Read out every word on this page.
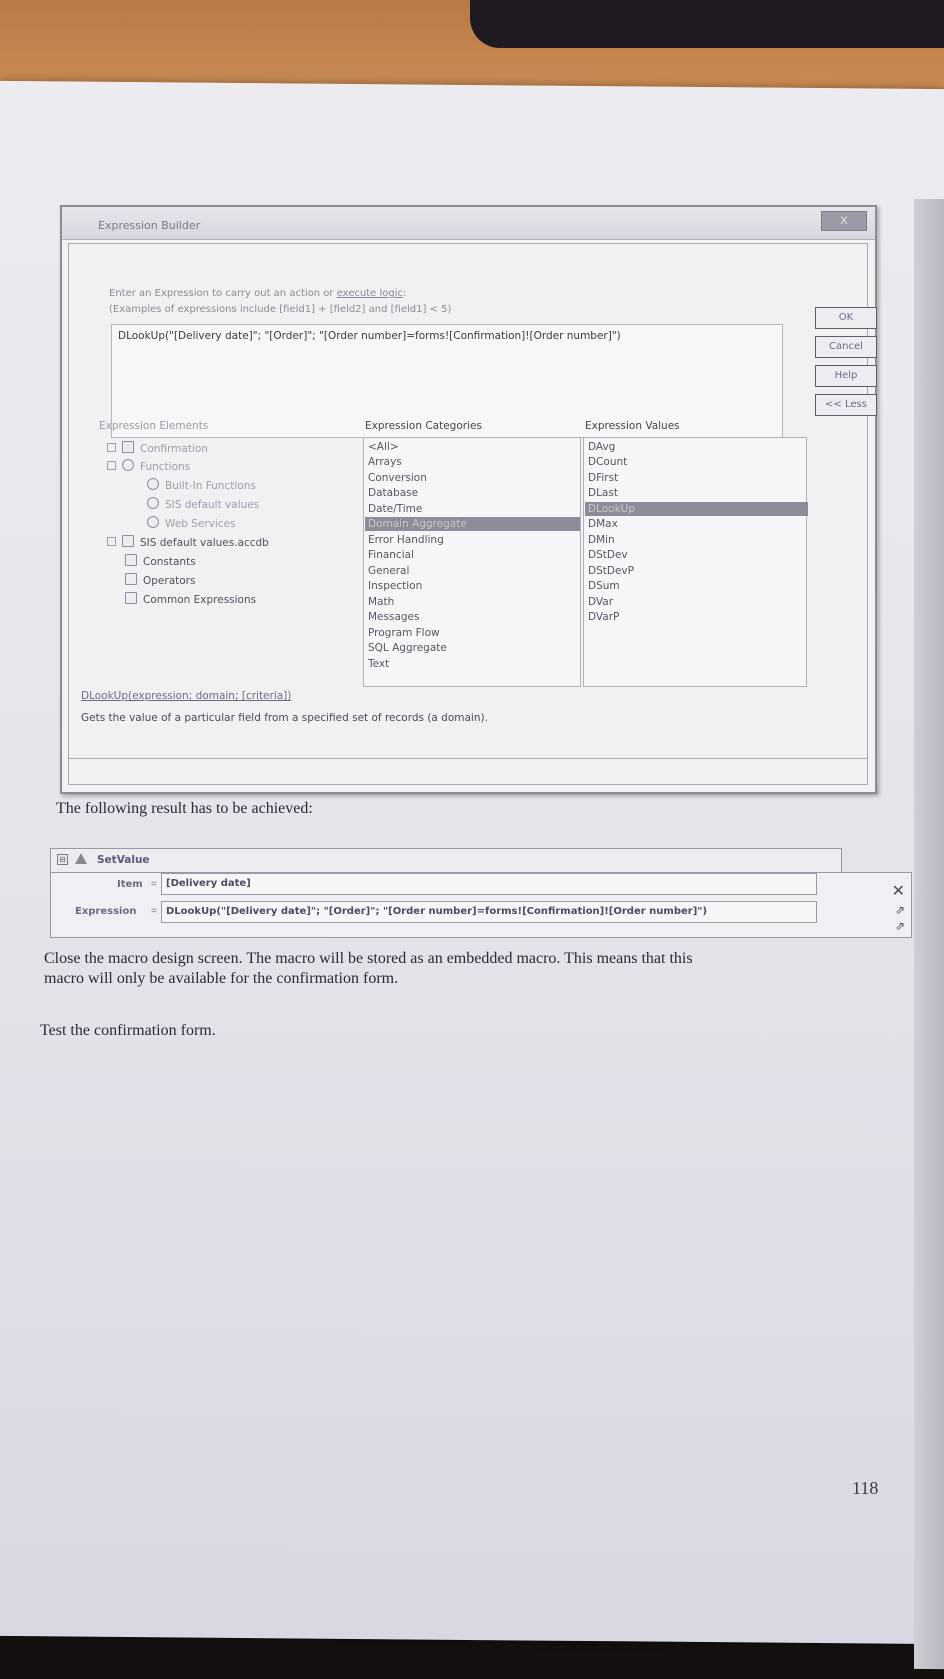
Expression Builder	X
Enter an Expression to carry out an action or execute logic:
(Examples of expressions include [field1] + [field2] and [field1] < 5)
DLookUp("[Delivery date]"; "[Order]"; "[Order number]=forms![Confirmation]![Order number]")
OK
Cancel
Help
<< Less
Expression Elements	Expression Categories	Expression Values
Confirmation
Functions
Built-In Functions
SIS default values
Web Services
SIS default values.accdb
Constants
Operators
Common Expressions
<All>
Arrays
Conversion
Database
Date/Time
Domain Aggregate
Error Handling
Financial
General
Inspection
Math
Messages
Program Flow
SQL Aggregate
Text
DAvg
DCount
DFirst
DLast
DLookUp
DMax
DMin
DStDev
DStDevP
DSum
DVar
DVarP
DLookUp(expression; domain; [criteria])
Gets the value of a particular field from a specified set of records (a domain).
The following result has to be achieved:
⊟	SetValue
Item = [Delivery date]
Expression = DLookUp("[Delivery date]"; "[Order]"; "[Order number]=forms![Confirmation]![Order number]")
✕
⇗
⇗
Close the macro design screen. The macro will be stored as an embedded macro. This means that this
macro will only be available for the confirmation form.
Test the confirmation form.
118
